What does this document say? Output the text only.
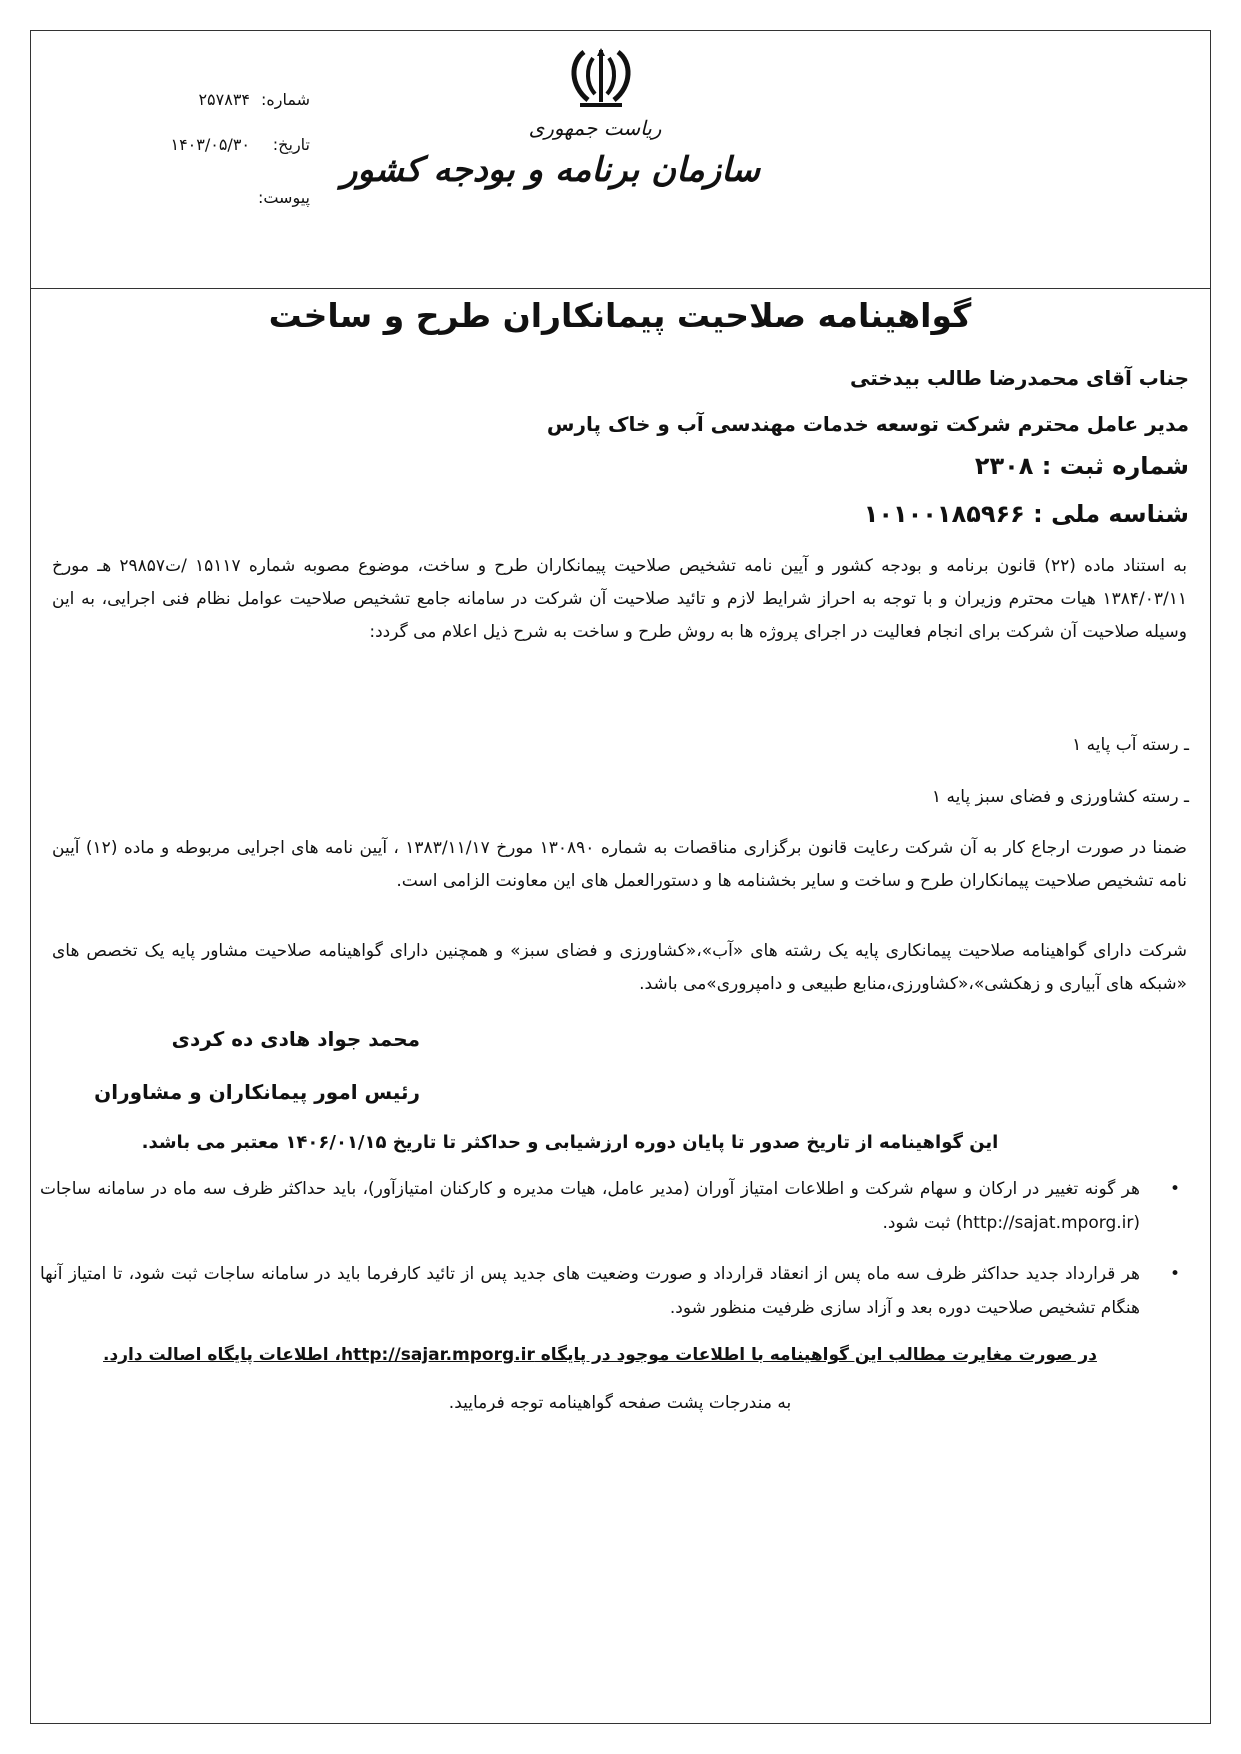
شماره:
۲۵۷۸۳۴
تاریخ:
۱۴۰۳/۰۵/۳۰
پیوست:
ریاست جمهوری
سازمان برنامه و بودجه کشور
گواهینامه صلاحیت پیمانکاران طرح و ساخت
جناب آقای محمدرضا طالب بیدختی
مدیر عامل محترم شرکت توسعه خدمات مهندسی آب و خاک پارس
شماره ثبت : ۲۳۰۸
شناسه ملی : ۱۰۱۰۰۱۸۵۹۶۶
به استناد ماده (۲۲) قانون برنامه و بودجه کشور و آیین نامه تشخیص صلاحیت پیمانکاران طرح و ساخت، موضوع مصوبه شماره ۱۵۱۱۷ /ت۲۹۸۵۷ هـ مورخ ۱۳۸۴/۰۳/۱۱ هیات محترم وزیران و با توجه به احراز شرایط لازم و تائید صلاحیت آن شرکت در سامانه جامع تشخیص صلاحیت عوامل نظام فنی اجرایی، به این وسیله صلاحیت آن شرکت برای انجام فعالیت در اجرای پروژه ها به روش طرح و ساخت به شرح ذیل اعلام می گردد:
ـ رسته آب پایه ۱
ـ رسته کشاورزی و فضای سبز پایه ۱
ضمنا در صورت ارجاع کار به آن شرکت رعایت قانون برگزاری مناقصات به شماره ۱۳۰۸۹۰ مورخ ۱۳۸۳/۱۱/۱۷ ، آیین نامه های اجرایی مربوطه و ماده (۱۲) آیین نامه تشخیص صلاحیت پیمانکاران طرح و ساخت و سایر بخشنامه ها و دستورالعمل های این معاونت الزامی است.
شرکت دارای گواهینامه صلاحیت پیمانکاری پایه یک رشته های «آب»،«کشاورزی و فضای سبز» و همچنین دارای گواهینامه صلاحیت مشاور پایه یک تخصص های «شبکه های آبیاری و زهکشی»،«کشاورزی،منابع طبیعی و دامپروری»می باشد.
محمد جواد هادی ده کردی
رئیس امور پیمانکاران و مشاوران
این گواهینامه از تاریخ صدور تا پایان دوره ارزشیابی و حداکثر تا تاریخ ۱۴۰۶/۰۱/۱۵ معتبر می باشد.
•
هر گونه تغییر در ارکان و سهام شرکت و اطلاعات امتیاز آوران (مدیر عامل، هیات مدیره و کارکنان امتیازآور)، باید حداکثر ظرف سه ماه در سامانه ساجات (http://sajat.mporg.ir) ثبت شود.
•
هر قرارداد جدید حداکثر ظرف سه ماه پس از انعقاد قرارداد و صورت وضعیت های جدید پس از تائید کارفرما باید در سامانه ساجات ثبت شود، تا امتیاز آنها هنگام تشخیص صلاحیت دوره بعد و آزاد سازی ظرفیت منظور شود.
در صورت مغایرت مطالب این گواهینامه با اطلاعات موجود در پایگاه http://sajar.mporg.ir، اطلاعات پایگاه اصالت دارد.
به مندرجات پشت صفحه گواهینامه توجه فرمایید.
